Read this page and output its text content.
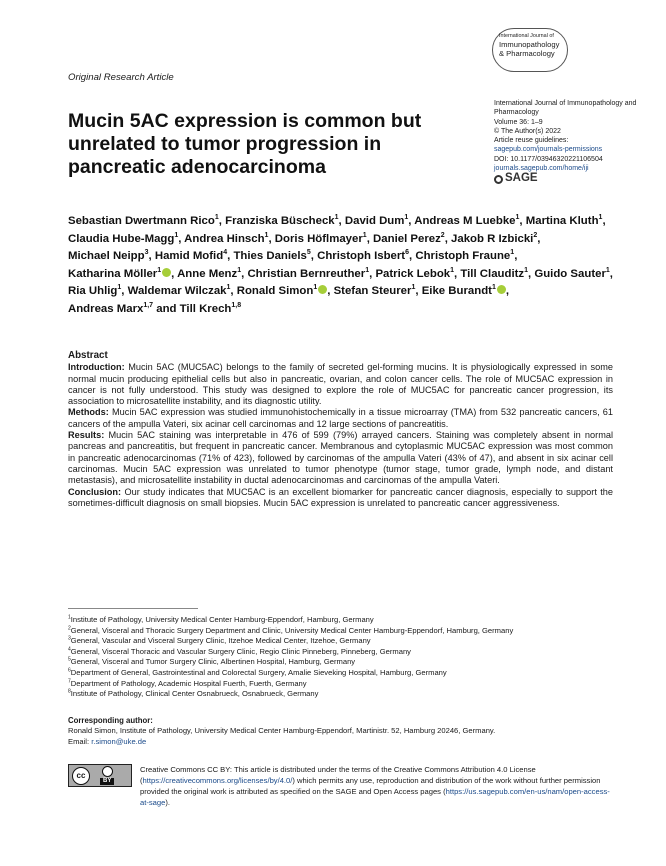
International Journal of
Immunopathology
& Pharmacology
Original Research Article
Mucin 5AC expression is common but unrelated to tumor progression in pancreatic adenocarcinoma
International Journal of Immunopathology and Pharmacology
Volume 36: 1–9
© The Author(s) 2022
Article reuse guidelines:
sagepub.com/journals-permissions
DOI: 10.1177/03946320221106504
journals.sagepub.com/home/iji
SAGE
Sebastian Dwertmann Rico$^1$, Franziska Büscheck$^1$, David Dum$^1$, Andreas M Luebke$^1$, Martina Kluth$^1$, Claudia Hube-Magg$^1$, Andrea Hinsch$^1$, Doris Höflmayer$^1$, Daniel Perez$^2$, Jakob R Izbicki$^2$, Michael Neipp$^3$, Hamid Mofid$^4$, Thies Daniels$^5$, Christoph Isbert$^6$, Christoph Fraune$^1$, Katharina Möller$^1$ , Anne Menz$^1$, Christian Bernreuther$^1$, Patrick Lebok$^1$, Till Clauditz$^1$, Guido Sauter$^1$, Ria Uhlig$^1$, Waldemar Wilczak$^1$, Ronald Simon$^1$ , Stefan Steurer$^1$, Eike Burandt$^1$ , Andreas Marx$^{1,7}$ and Till Krech$^{1,8}$
Abstract

Introduction: Mucin 5AC (MUC5AC) belongs to the family of secreted gel-forming mucins. It is physiologically expressed in some normal mucin producing epithelial cells but also in pancreatic, ovarian, and colon cancer cells. The role of MUC5AC expression in cancer is not fully understood. This study was designed to explore the role of MUC5AC for pancreatic cancer progression, its association to microsatellite instability, and its diagnostic utility.

Methods: Mucin 5AC expression was studied immunohistochemically in a tissue microarray (TMA) from 532 pancreatic cancers, 61 cancers of the ampulla Vateri, six acinar cell carcinomas and 12 large sections of pancreatitis.

Results: Mucin 5AC staining was interpretable in 476 of 599 (79%) arrayed cancers. Staining was completely absent in normal pancreas and pancreatitis, but frequent in pancreatic cancer. Membranous and cytoplasmic MUC5AC expression was most common in pancreatic adenocarcinomas (71% of 423), followed by carcinomas of the ampulla Vateri (43% of 47), and absent in six acinar cell carcinomas. Mucin 5AC expression was unrelated to tumor phenotype (tumor stage, tumor grade, lymph node, and distant metastasis), and microsatellite instability in ductal adenocarcinomas and carcinomas of the ampulla Vateri.

Conclusion: Our study indicates that MUC5AC is an excellent biomarker for pancreatic cancer diagnosis, especially to support the sometimes-difficult diagnosis on small biopsies. Mucin 5AC expression is unrelated to pancreatic cancer aggressiveness.

$^1$Institute of Pathology, University Medical Center Hamburg-Eppendorf, Hamburg, Germany
$^2$General, Visceral and Thoracic Surgery Department and Clinic, University Medical Center Hamburg-Eppendorf, Hamburg, Germany
$^3$General, Vascular and Visceral Surgery Clinic, Itzehoe Medical Center, Itzehoe, Germany
$^4$General, Visceral Thoracic and Vascular Surgery Clinic, Regio Clinic Pinneberg, Pinneberg, Germany
$^5$General, Visceral and Tumor Surgery Clinic, Albertinen Hospital, Hamburg, Germany
$^6$Department of General, Gastrointestinal and Colorectal Surgery, Amalie Sieveking Hospital, Hamburg, Germany
$^7$Department of Pathology, Academic Hospital Fuerth, Fuerth, Germany
$^8$Institute of Pathology, Clinical Center Osnabrueck, Osnabrueck, Germany
Corresponding author:
Ronald Simon, Institute of Pathology, University Medical Center Hamburg-Eppendorf, Martinistr. 52, Hamburg 20246, Germany.
Email: r.simon@uke.de
cc
BY
Creative Commons CC BY: This article is distributed under the terms of the Creative Commons Attribution 4.0 License (https://creativecommons.org/licenses/by/4.0/) which permits any use, reproduction and distribution of the work without further permission provided the original work is attributed as specified on the SAGE and Open Access pages (https://us.sagepub.com/en-us/nam/open-access-at-sage).
